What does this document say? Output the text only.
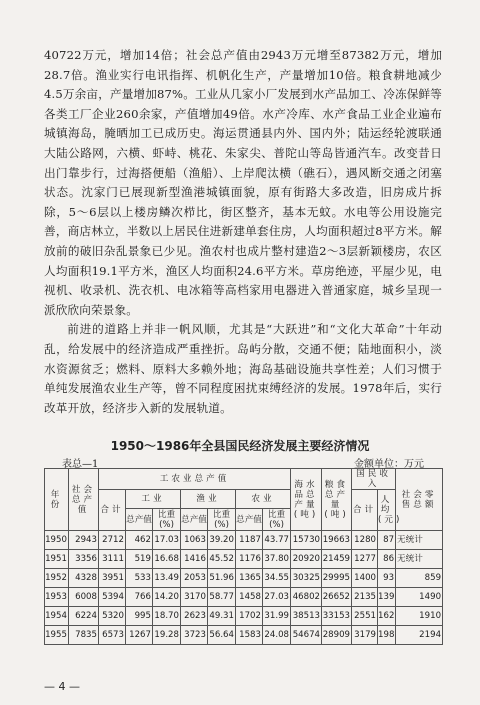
40722万元，增加14倍；社会总产值由2943万元增至87382万元，增加28.7倍。渔业实行电讯指挥、机帆化生产，产量增加10倍。粮食耕地减少4.5万余亩，产量增加87%。工业从几家小厂发展到水产品加工、冷冻保鲜等各类工厂企业260余家，产值增加49倍。水产冷库、水产食品工业企业遍布城镇海岛，腌晒加工已成历史。海运贯通县内外、国内外；陆运经轮渡联通大陆公路网，六横、虾峙、桃花、朱家尖、普陀山等岛皆通汽车。改变昔日出门靠步行，过海搭便船（渔船）、上岸爬汰横（礁石），遇风断交通之闭塞状态。沈家门已展现新型渔港城镇面貌，原有街路大多改造，旧房成片拆除，5～6层以上楼房鳞次栉比，街区整齐，基本无蚊。水电等公用设施完善，商店林立，半数以上居民住进新建单套住房，人均面积超过8平方米。解放前的破旧杂乱景象已少见。渔农村也成片整村建造2～3层新颖楼房，农区人均面积19.1平方米，渔区人均面积24.6平方米。草房绝迹，平屋少见，电视机、收录机、洗衣机、电冰箱等高档家用电器进入普通家庭，城乡呈现一派欣欣向荣景象。

前进的道路上并非一帆风顺，尤其是“大跃进”和“文化大革命”十年动乱，给发展中的经济造成严重挫折。岛屿分散，交通不便；陆地面积小，淡水资源贫乏；燃料、原料大多赖外地；海岛基础设施共享性差；人们习惯于单纯发展渔农业生产等，曾不同程度困扰束缚经济的发展。1978年后，实行改革开放，经济步入新的发展轨道。

1950～1986年全县国民经济发展主要经济情况
表总—1	金额单位：万元
年份	社会总产值	工农业总产值							海水品总产量(吨)	粮食总产量(吨)	国民收入		社会零售总额
		合计	工业		渔业		农业				合计	人均(元)	
			总产值	比重(%)	总产值	比重(%)	总产值	比重(%)					
1950	2943	2712	462	17.03	1063	39.20	1187	43.77	15730	19663	1280	87	无统计
1951	3356	3111	519	16.68	1416	45.52	1176	37.80	20920	21459	1277	86	无统计
1952	4328	3951	533	13.49	2053	51.96	1365	34.55	30325	29995	1400	93	859
1953	6008	5394	766	14.20	3170	58.77	1458	27.03	46802	26652	2135	139	1490
1954	6224	5320	995	18.70	2623	49.31	1702	31.99	38513	33153	2551	162	1910
1955	7835	6573	1267	19.28	3723	56.64	1583	24.08	54674	28909	3179	198	2194
— 4 —
